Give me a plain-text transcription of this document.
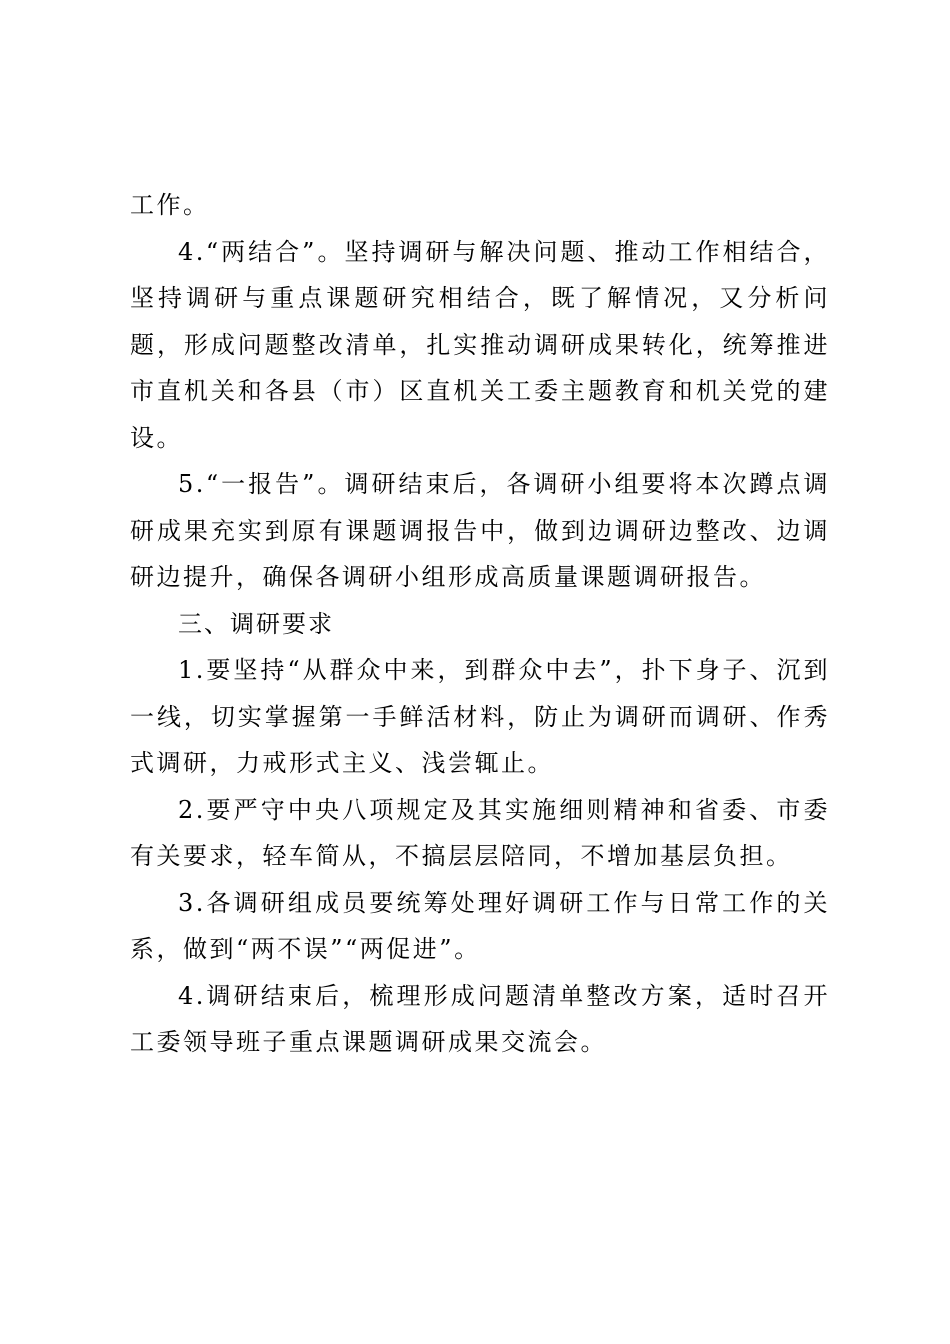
工作。

4.“两结合”。坚持调研与解决问题、推动工作相结合，坚持调研与重点课题研究相结合，既了解情况，又分析问题，形成问题整改清单，扎实推动调研成果转化，统筹推进市直机关和各县（市）区直机关工委主题教育和机关党的建设。

5.“一报告”。调研结束后，各调研小组要将本次蹲点调研成果充实到原有课题调报告中，做到边调研边整改、边调研边提升，确保各调研小组形成高质量课题调研报告。

三、调研要求

1.要坚持“从群众中来，到群众中去”，扑下身子、沉到一线，切实掌握第一手鲜活材料，防止为调研而调研、作秀式调研，力戒形式主义、浅尝辄止。

2.要严守中央八项规定及其实施细则精神和省委、市委有关要求，轻车简从，不搞层层陪同，不增加基层负担。

3.各调研组成员要统筹处理好调研工作与日常工作的关系，做到“两不误”“两促进”。

4.调研结束后，梳理形成问题清单整改方案，适时召开工委领导班子重点课题调研成果交流会。
